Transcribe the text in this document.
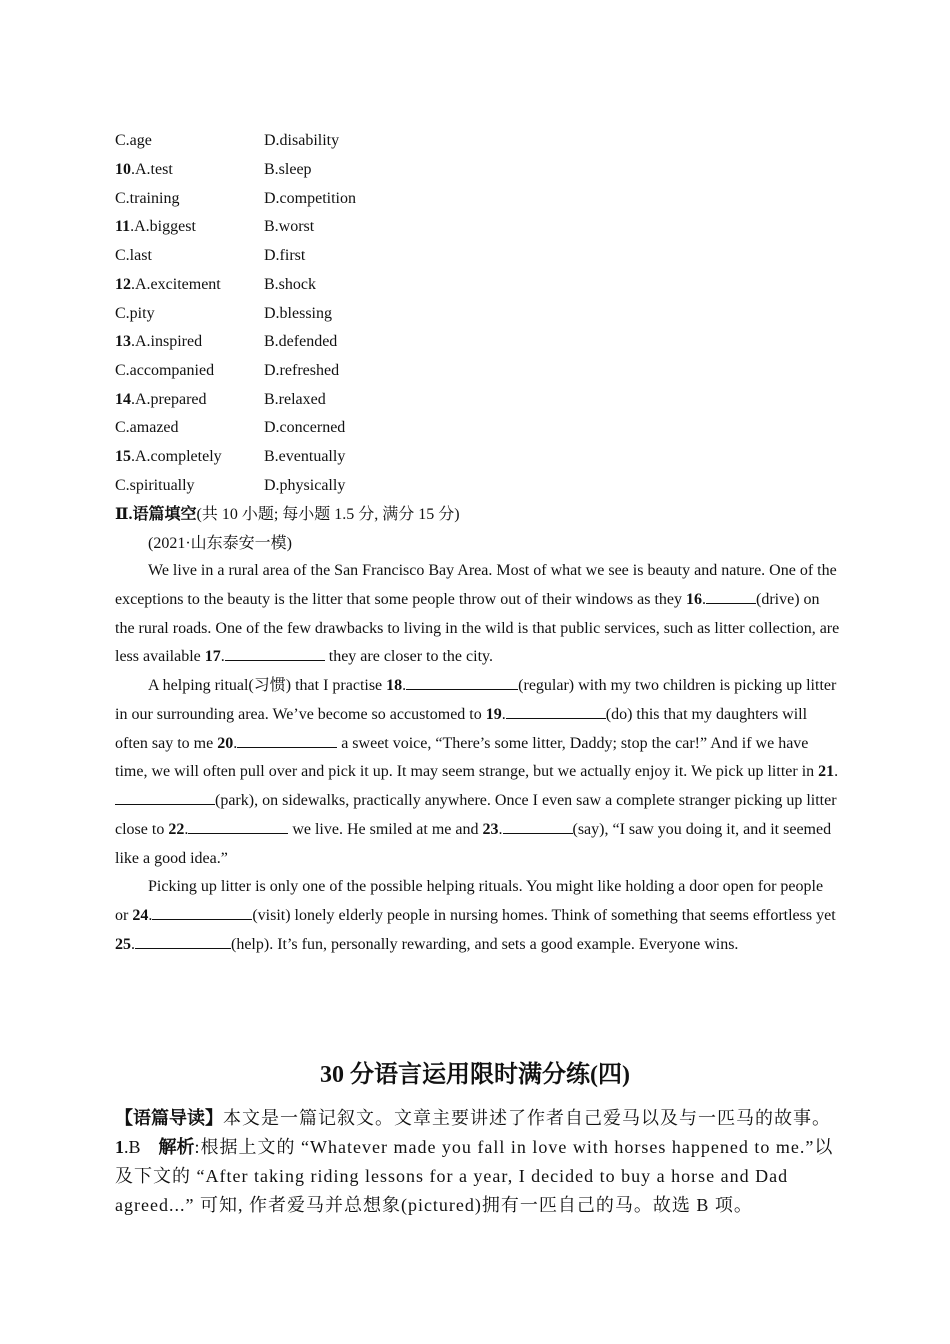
C.age	D.disability
10.A.test	B.sleep
C.training	D.competition
11.A.biggest	B.worst
C.last	D.first
12.A.excitement	B.shock
C.pity	D.blessing
13.A.inspired	B.defended
C.accompanied	D.refreshed
14.A.prepared	B.relaxed
C.amazed	D.concerned
15.A.completely	B.eventually
C.spiritually	D.physically
Ⅱ.语篇填空(共 10 小题; 每小题 1.5 分, 满分 15 分)
(2021·山东泰安一模)

We live in a rural area of the San Francisco Bay Area. Most of what we see is beauty and nature. One of the exceptions to the beauty is the litter that some people throw out of their windows as they 16.	(drive) on the rural roads. One of the few drawbacks to living in the wild is that public services, such as litter collection, are less available 17.	they are closer to the city.

A helping ritual(习惯) that I practise 18.	(regular) with my two children is picking up litter in our surrounding area. We’ve become so accustomed to 19.	(do) this that my daughters will often say to me 20.	a sweet voice, “There’s some litter, Daddy; stop the car!” And if we have time, we will often pull over and pick it up. It may seem strange, but we actually enjoy it. We pick up litter in 21.(park), on sidewalks, practically anywhere. Once I even saw a complete stranger picking up litter close to 22.	we live. He smiled at me and 23.	(say), “I saw you doing it, and it seemed like a good idea.”

Picking up litter is only one of the possible helping rituals. You might like holding a door open for people or 24.	(visit) lonely elderly people in nursing homes. Think of something that seems effortless yet 25.	(help). It’s fun, personally rewarding, and sets a good example. Everyone wins.

30 分语言运用限时满分练(四)

【语篇导读】本文是一篇记叙文。文章主要讲述了作者自己爱马以及与一匹马的故事。

1.B 解析:根据上文的 “Whatever made you fall in love with horses happened to me.”以及下文的 “After taking riding lessons for a year, I decided to buy a horse and Dad agreed...” 可知, 作者爱马并总想象(pictured)拥有一匹自己的马。故选 B 项。
